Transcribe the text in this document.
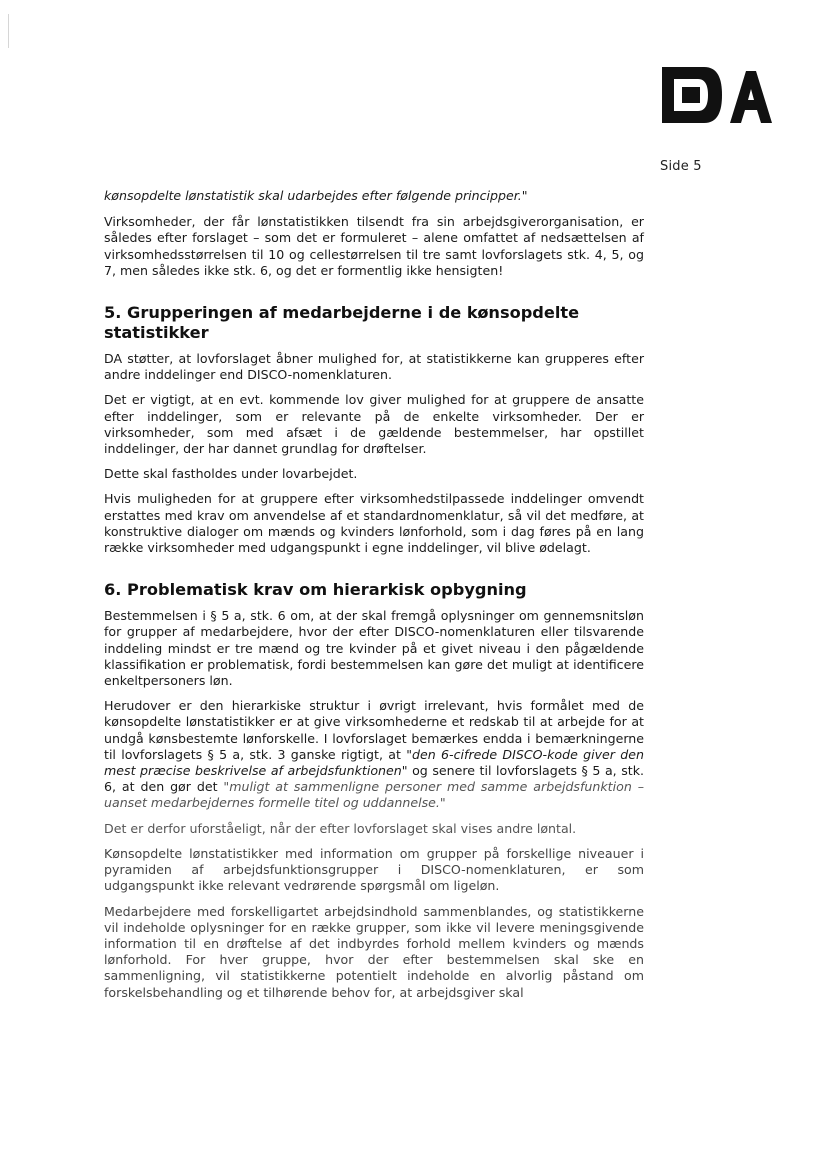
Side 5

kønsopdelte lønstatistik skal udarbejdes efter følgende principper."

Virksomheder, der får lønstatistikken tilsendt fra sin arbejdsgiverorganisation, er således efter forslaget – som det er formuleret – alene omfattet af nedsættelsen af virksomhedsstørrelsen til 10 og cellestørrelsen til tre samt lovforslagets stk. 4, 5, og 7, men således ikke stk. 6, og det er formentlig ikke hensigten!

5. Grupperingen af medarbejderne i de kønsopdelte statistikker

DA støtter, at lovforslaget åbner mulighed for, at statistikkerne kan grupperes efter andre inddelinger end DISCO-nomenklaturen.

Det er vigtigt, at en evt. kommende lov giver mulighed for at gruppere de ansatte efter inddelinger, som er relevante på de enkelte virksomheder. Der er virksomheder, som med afsæt i de gældende bestemmelser, har opstillet inddelinger, der har dannet grundlag for drøftelser.

Dette skal fastholdes under lovarbejdet.

Hvis muligheden for at gruppere efter virksomhedstilpassede inddelinger omvendt erstattes med krav om anvendelse af et standardnomenklatur, så vil det medføre, at konstruktive dialoger om mænds og kvinders lønforhold, som i dag føres på en lang række virksomheder med udgangspunkt i egne inddelinger, vil blive ødelagt.

6. Problematisk krav om hierarkisk opbygning

Bestemmelsen i § 5 a, stk. 6 om, at der skal fremgå oplysninger om gennemsnitsløn for grupper af medarbejdere, hvor der efter DISCO-nomenklaturen eller tilsvarende inddeling mindst er tre mænd og tre kvinder på et givet niveau i den pågældende klassifikation er problematisk, fordi bestemmelsen kan gøre det muligt at identificere enkeltpersoners løn.

Herudover er den hierarkiske struktur i øvrigt irrelevant, hvis formålet med de kønsopdelte lønstatistikker er at give virksomhederne et redskab til at arbejde for at undgå kønsbestemte lønforskelle. I lovforslaget bemærkes endda i bemærkningerne til lovforslagets § 5 a, stk. 3 ganske rigtigt, at "den 6-cifrede DISCO-kode giver den mest præcise beskrivelse af arbejdsfunktionen" og senere til lovforslagets § 5 a, stk. 6, at den gør det "muligt at sammenligne personer med samme arbejdsfunktion – uanset medarbejdernes formelle titel og uddannelse."

Det er derfor uforståeligt, når der efter lovforslaget skal vises andre løntal.

Kønsopdelte lønstatistikker med information om grupper på forskellige niveauer i pyramiden af arbejdsfunktionsgrupper i DISCO-nomenklaturen, er som udgangspunkt ikke relevant vedrørende spørgsmål om ligeløn.

Medarbejdere med forskelligartet arbejdsindhold sammenblandes, og statistikkerne vil indeholde oplysninger for en række grupper, som ikke vil levere meningsgivende information til en drøftelse af det indbyrdes forhold mellem kvinders og mænds lønforhold. For hver gruppe, hvor der efter bestemmelsen skal ske en sammenligning, vil statistikkerne potentielt indeholde en alvorlig påstand om forskelsbehandling og et tilhørende behov for, at arbejdsgiver skal
